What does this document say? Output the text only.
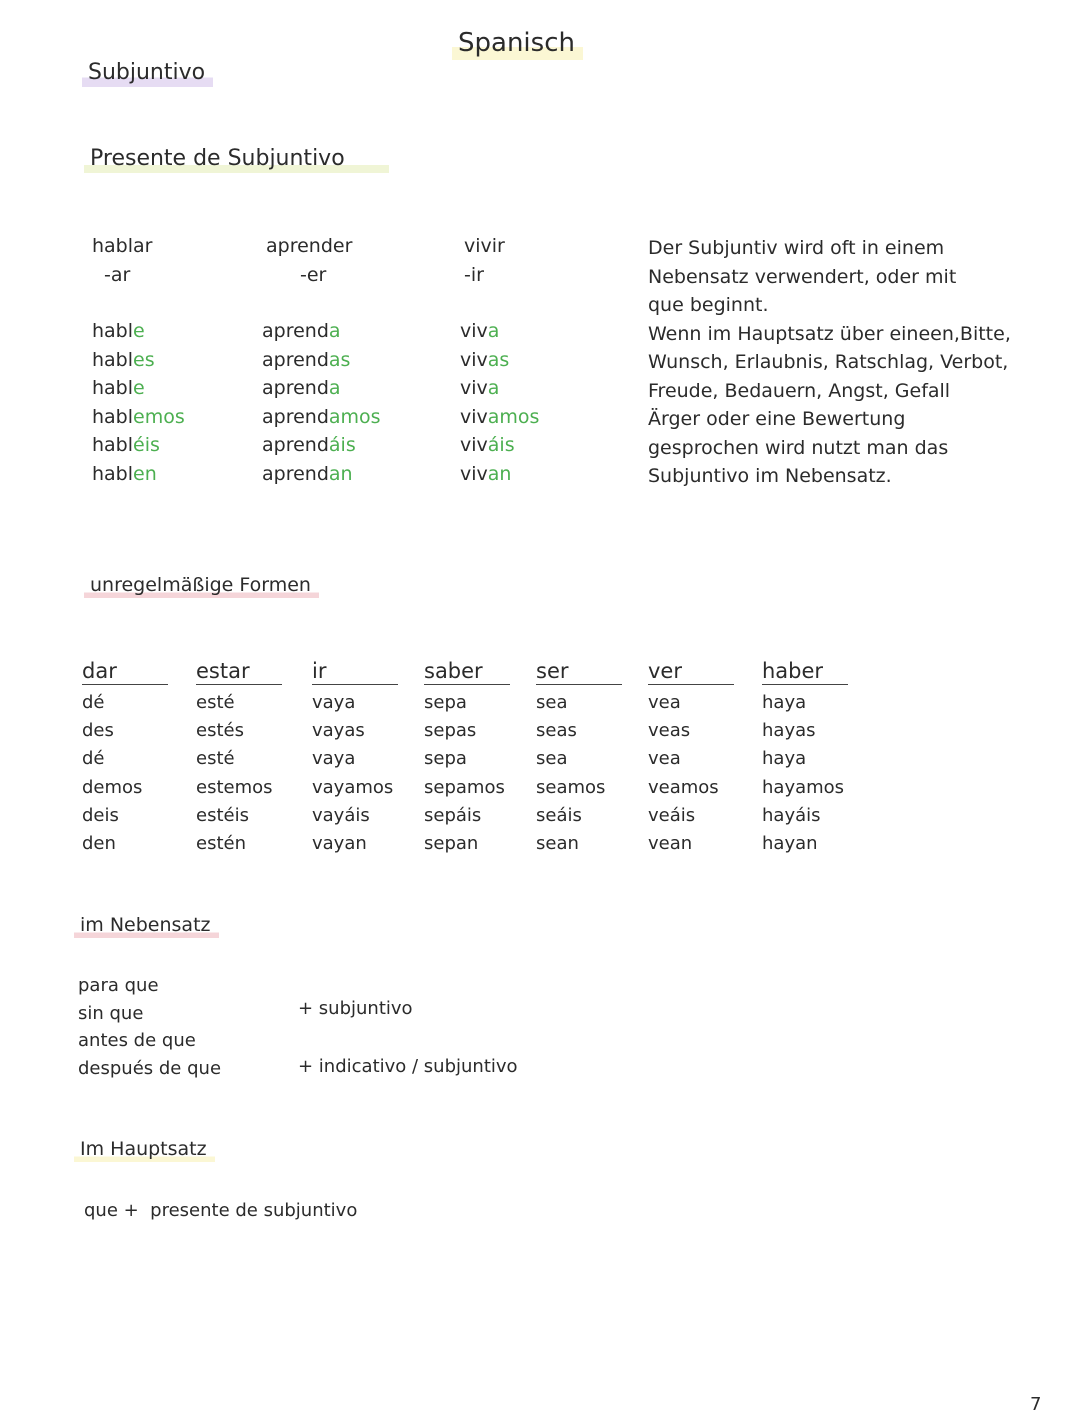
Spanisch
Subjuntivo
Presente de Subjuntivo
hablar
-ar
hable
hables
hable
hablemos
habléis
hablen
aprender
-er
aprenda
aprendas
aprenda
aprendamos
aprendáis
aprendan
vivir
-ir
viva
vivas
viva
vivamos
viváis
vivan
Der Subjuntiv wird oft in einem
Nebensatz verwendert, oder mit
que beginnt.
Wenn im Hauptsatz über eineen,Bitte,
Wunsch, Erlaubnis, Ratschlag, Verbot,
Freude, Bedauern, Angst, Gefall
Ärger oder eine Bewertung
gesprochen wird nutzt man das
Subjuntivo im Nebensatz.
unregelmäßige Formen
dar
dé
des
dé
demos
deis
den
estar
esté
estés
esté
estemos
estéis
estén
ir
vaya
vayas
vaya
vayamos
vayáis
vayan
saber
sepa
sepas
sepa
sepamos
sepáis
sepan
ser
sea
seas
sea
seamos
seáis
sean
ver
vea
veas
vea
veamos
veáis
vean
haber
haya
hayas
haya
hayamos
hayáis
hayan
im Nebensatz
para que
sin que
antes de que
después de que
+ subjuntivo
+ indicativo / subjuntivo
Im Hauptsatz
que +  presente de subjuntivo
7
